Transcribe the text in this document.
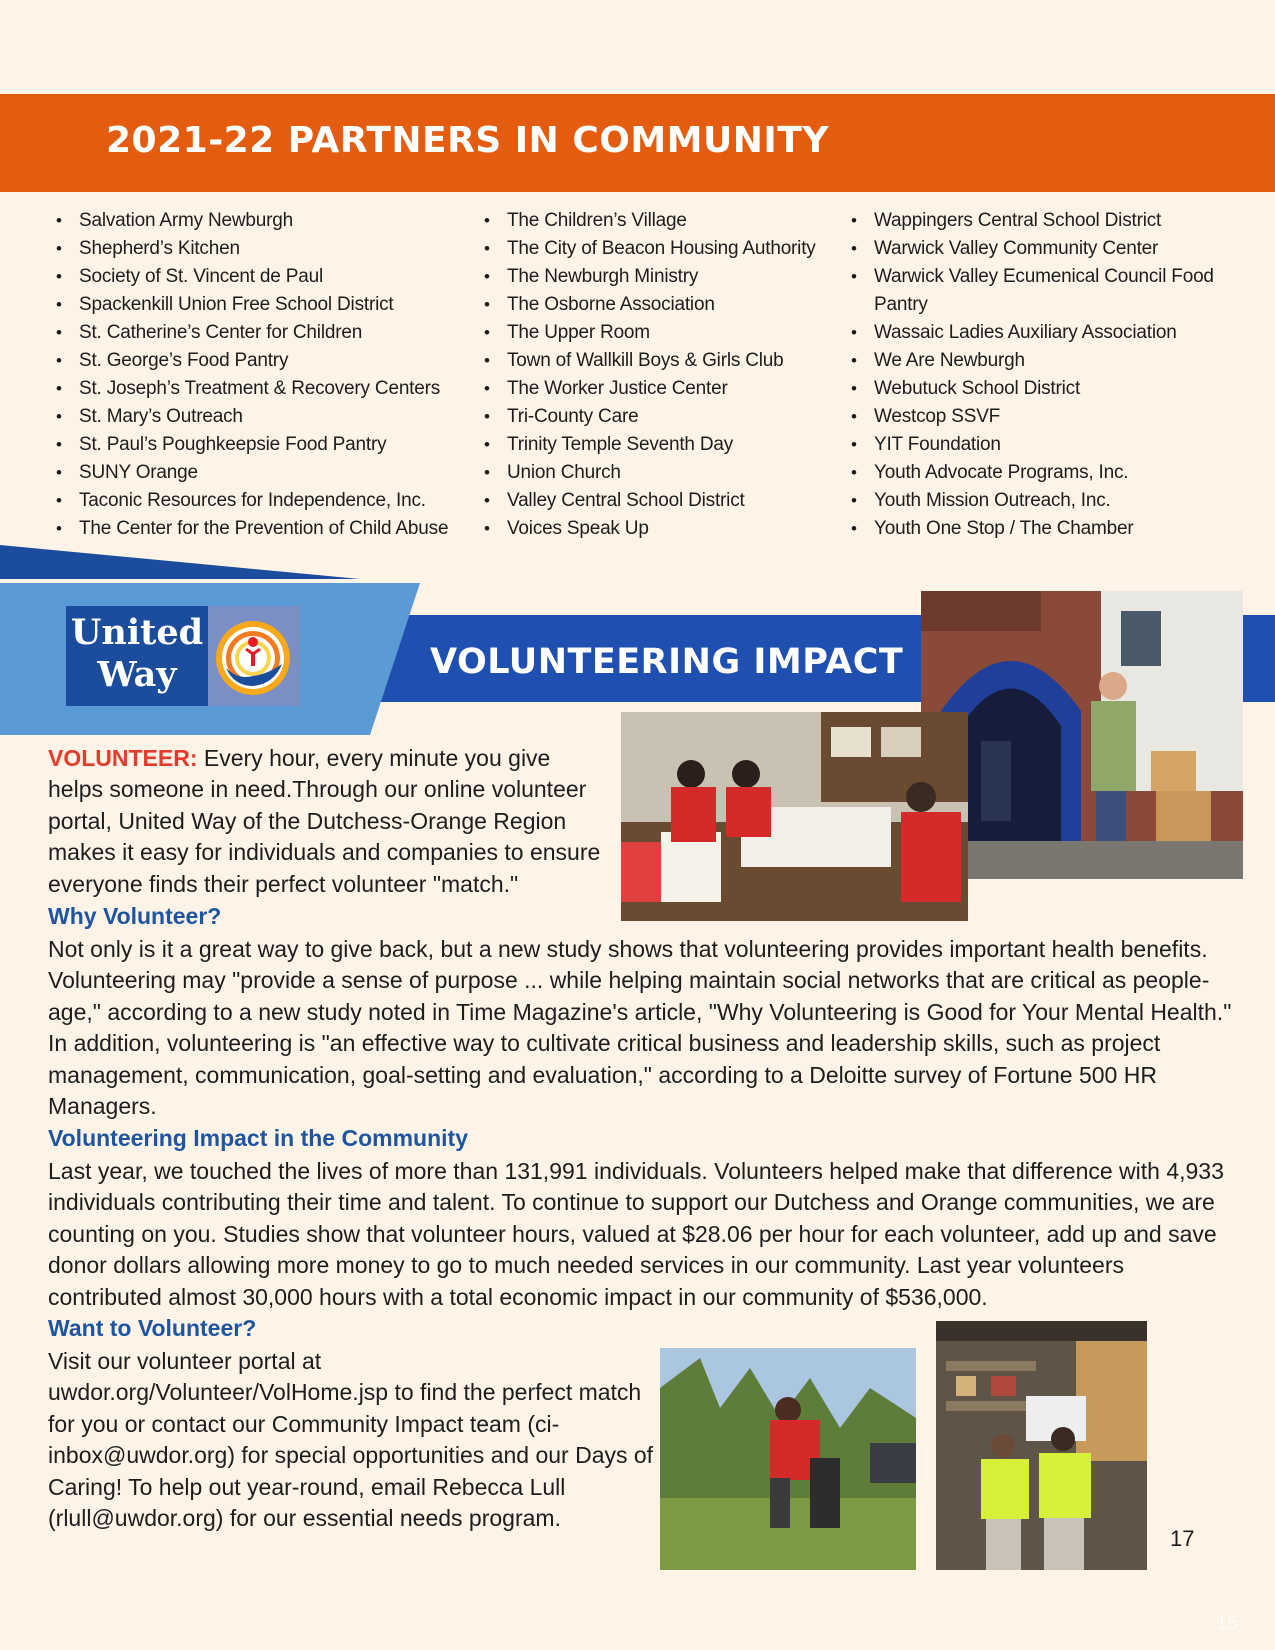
2021-22 PARTNERS IN COMMUNITY
• Salvation Army Newburgh
• Shepherd’s Kitchen
• Society of St. Vincent de Paul
• Spackenkill Union Free School District
• St. Catherine’s Center for Children
• St. George’s Food Pantry
• St. Joseph’s Treatment & Recovery Centers
• St. Mary’s Outreach
• St. Paul’s Poughkeepsie Food Pantry
• SUNY Orange
• Taconic Resources for Independence, Inc.
• The Center for the Prevention of Child Abuse
• The Children’s Village
• The City of Beacon Housing Authority
• The Newburgh Ministry
• The Osborne Association
• The Upper Room
• Town of Wallkill Boys & Girls Club
• The Worker Justice Center
• Tri-County Care
• Trinity Temple Seventh Day
• Union Church
• Valley Central School District
• Voices Speak Up
• Wappingers Central School District
• Warwick Valley Community Center
• Warwick Valley Ecumenical Council Food Pantry
• Wassaic Ladies Auxiliary Association
• We Are Newburgh
• Webutuck School District
• Westcop SSVF
• YIT Foundation
• Youth Advocate Programs, Inc.
• Youth Mission Outreach, Inc.
• Youth One Stop / The Chamber
United
Way	VOLUNTEERING IMPACT
VOLUNTEER: Every hour, every minute you give helps someone in need.Through our online volunteer portal, United Way of the Dutchess-Orange Region makes it easy for individuals and companies to ensure everyone finds their perfect volunteer "match."
Why Volunteer?
Not only is it a great way to give back, but a new study shows that volunteering provides important health benefits. Volunteering may "provide a sense of purpose ... while helping maintain social networks that are critical as people-age," according to a new study noted in Time Magazine's article, "Why Volunteering is Good for Your Mental Health." In addition, volunteering is "an effective way to cultivate critical business and leadership skills, such as project management, communication, goal-setting and evaluation," according to a Deloitte survey of Fortune 500 HR Managers.
Volunteering Impact in the Community
Last year, we touched the lives of more than 131,991 individuals. Volunteers helped make that difference with 4,933 individuals contributing their time and talent. To continue to support our Dutchess and Orange communities, we are counting on you. Studies show that volunteer hours, valued at $28.06 per hour for each volunteer, add up and save donor dollars allowing more money to go to much needed services in our community. Last year volunteers contributed almost 30,000 hours with a total economic impact in our community of $536,000.
Want to Volunteer?
Visit our volunteer portal at uwdor.org/Volunteer/VolHome.jsp to find the perfect match for you or contact our Community Impact team (ci-inbox@uwdor.org) for special opportunities and our Days of Caring! To help out year-round, email Rebecca Lull (rlull@uwdor.org) for our essential needs program.
17
15
